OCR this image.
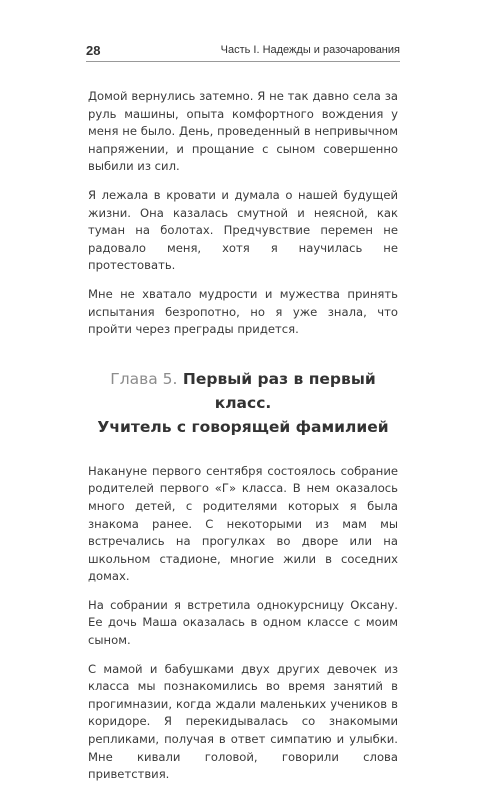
28	Часть I. Надежды и разочарования

Домой вернулись затемно. Я не так давно села за руль машины, опыта комфортного вождения у меня не было. День, проведенный в непривычном напряжении, и прощание с сыном совершенно выбили из сил.

Я лежала в кровати и думала о нашей будущей жизни. Она казалась смутной и неясной, как туман на болотах. Предчувствие перемен не радовало меня, хотя я научилась не протестовать.

Мне не хватало мудрости и мужества принять испытания безропотно, но я уже знала, что пройти через преграды придется.

Глава 5. Первый раз в первый класс.
Учитель с говорящей фамилией

Накануне первого сентября состоялось собрание родителей первого «Г» класса. В нем оказалось много детей, с родителями которых я была знакома ранее. С некоторыми из мам мы встречались на прогулках во дворе или на школьном стадионе, многие жили в соседних домах.

На собрании я встретила однокурсницу Оксану. Ее дочь Маша оказалась в одном классе с моим сыном.

С мамой и бабушками двух других девочек из класса мы познакомились во время занятий в прогимназии, когда ждали маленьких учеников в коридоре. Я перекидывалась со знакомыми репликами, получая в ответ симпатию и улыбки. Мне кивали головой, говорили слова приветствия.
